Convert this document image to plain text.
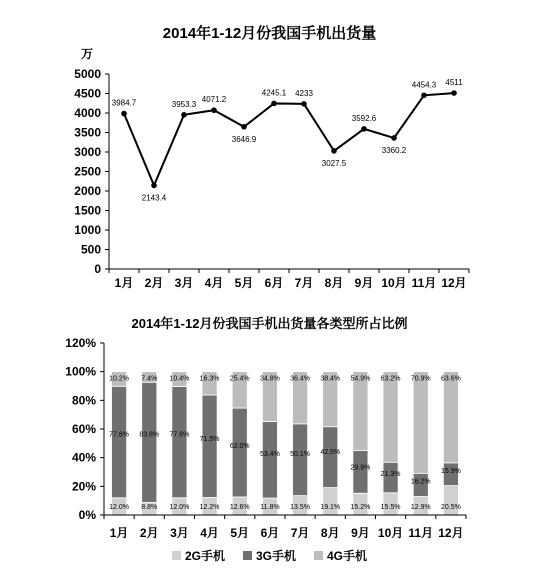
2014年1-12月份我国手机出货量
2014年1-12月份我国手机出货量各类型所占比例
0
500
1000
1500
2000
2500
3000
3500
4000
4500
5000
万
1月 2月 3月 4月 5月 6月 7月 8月 9月 10月 11月 12月
3984.7
2143.4
3953.3
4071.2
3646.9
4245.1 4233
3027.5
3592.6
3360.2
4454.3 4511
0%
20%
40%
60%
80%
100%
120%
12.0%
77.8%
10.2%
8.8%
83.8%
7.4%
12.0%
77.6%
10.4%
12.2%
71.5%
16.3%
12.6%
62.0%
25.4%
11.8%
53.4%
34.8%
13.5%
50.1%
36.4%
19.1%
42.5%
38.4%
15.2%
29.9%
54.9%
15.5%
21.3%
63.2%
12.9%
16.2%
70.9%
20.5%
15.9%
63.6%
1月 2月 3月 4月 5月 6月 7月 8月 9月 10月 11月 12月
2G手机	3G手机	4G手机
